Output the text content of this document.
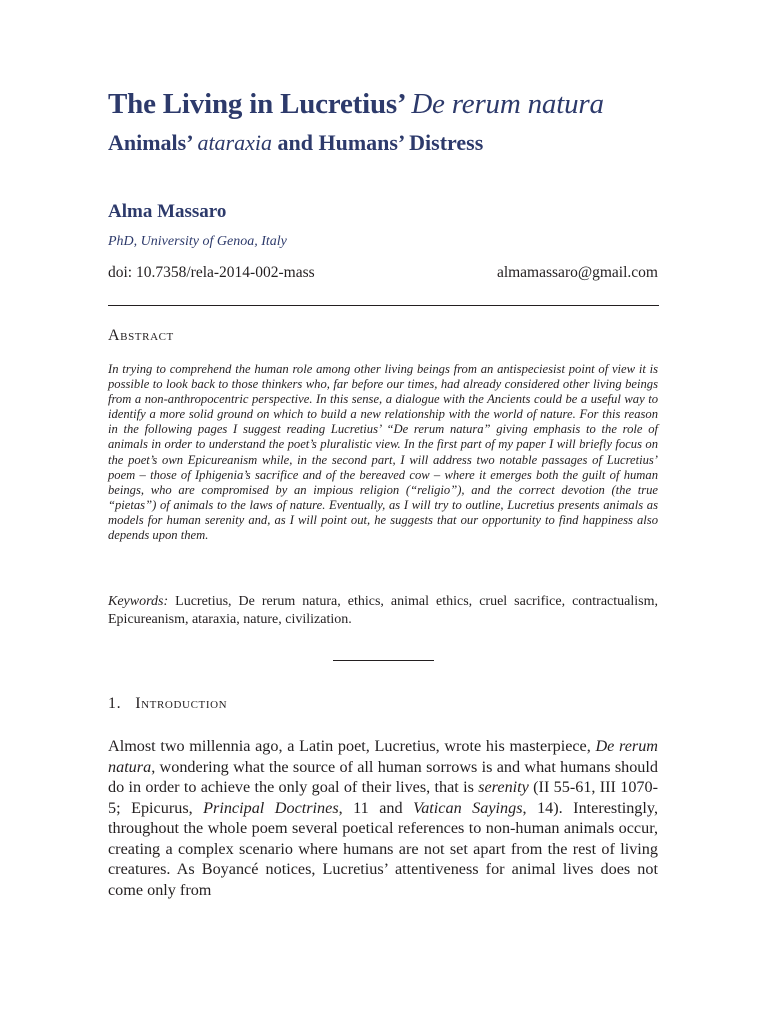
The Living in Lucretius’ De rerum natura
Animals’ ataraxia and Humans’ Distress
Alma Massaro
PhD, University of Genoa, Italy
doi: 10.7358/rela-2014-002-mass	almamassaro@gmail.com
Abstract

In trying to comprehend the human role among other living beings from an antispeciesist point of view it is possible to look back to those thinkers who, far before our times, had already considered other living beings from a non-anthropocentric perspective. In this sense, a dialogue with the Ancients could be a useful way to identify a more solid ground on which to build a new relationship with the world of nature. For this reason in the following pages I suggest reading Lucretius’ “De rerum natura” giving emphasis to the role of animals in order to understand the poet’s pluralistic view. In the first part of my paper I will briefly focus on the poet’s own Epicureanism while, in the second part, I will address two notable passages of Lucretius’ poem – those of Iphigenia’s sacrifice and of the bereaved cow – where it emerges both the guilt of human beings, who are compromised by an impious religion (“religio”), and the correct devotion (the true “pietas”) of animals to the laws of nature. Eventually, as I will try to outline, Lucretius presents animals as models for human serenity and, as I will point out, he suggests that our opportunity to find happiness also depends upon them.

Keywords: Lucretius, De rerum natura, ethics, animal ethics, cruel sacrifice, contractualism, Epicureanism, ataraxia, nature, civilization.

1. Introduction

Almost two millennia ago, a Latin poet, Lucretius, wrote his masterpiece, De rerum natura, wondering what the source of all human sorrows is and what humans should do in order to achieve the only goal of their lives, that is serenity (II 55-61, III 1070-5; Epicurus, Principal Doctrines, 11 and Vatican Sayings, 14). Interestingly, throughout the whole poem several poetical references to non-human animals occur, creating a complex scenario where humans are not set apart from the rest of living creatures. As Boyancé notices, Lucretius’ attentiveness for animal lives does not come only from
